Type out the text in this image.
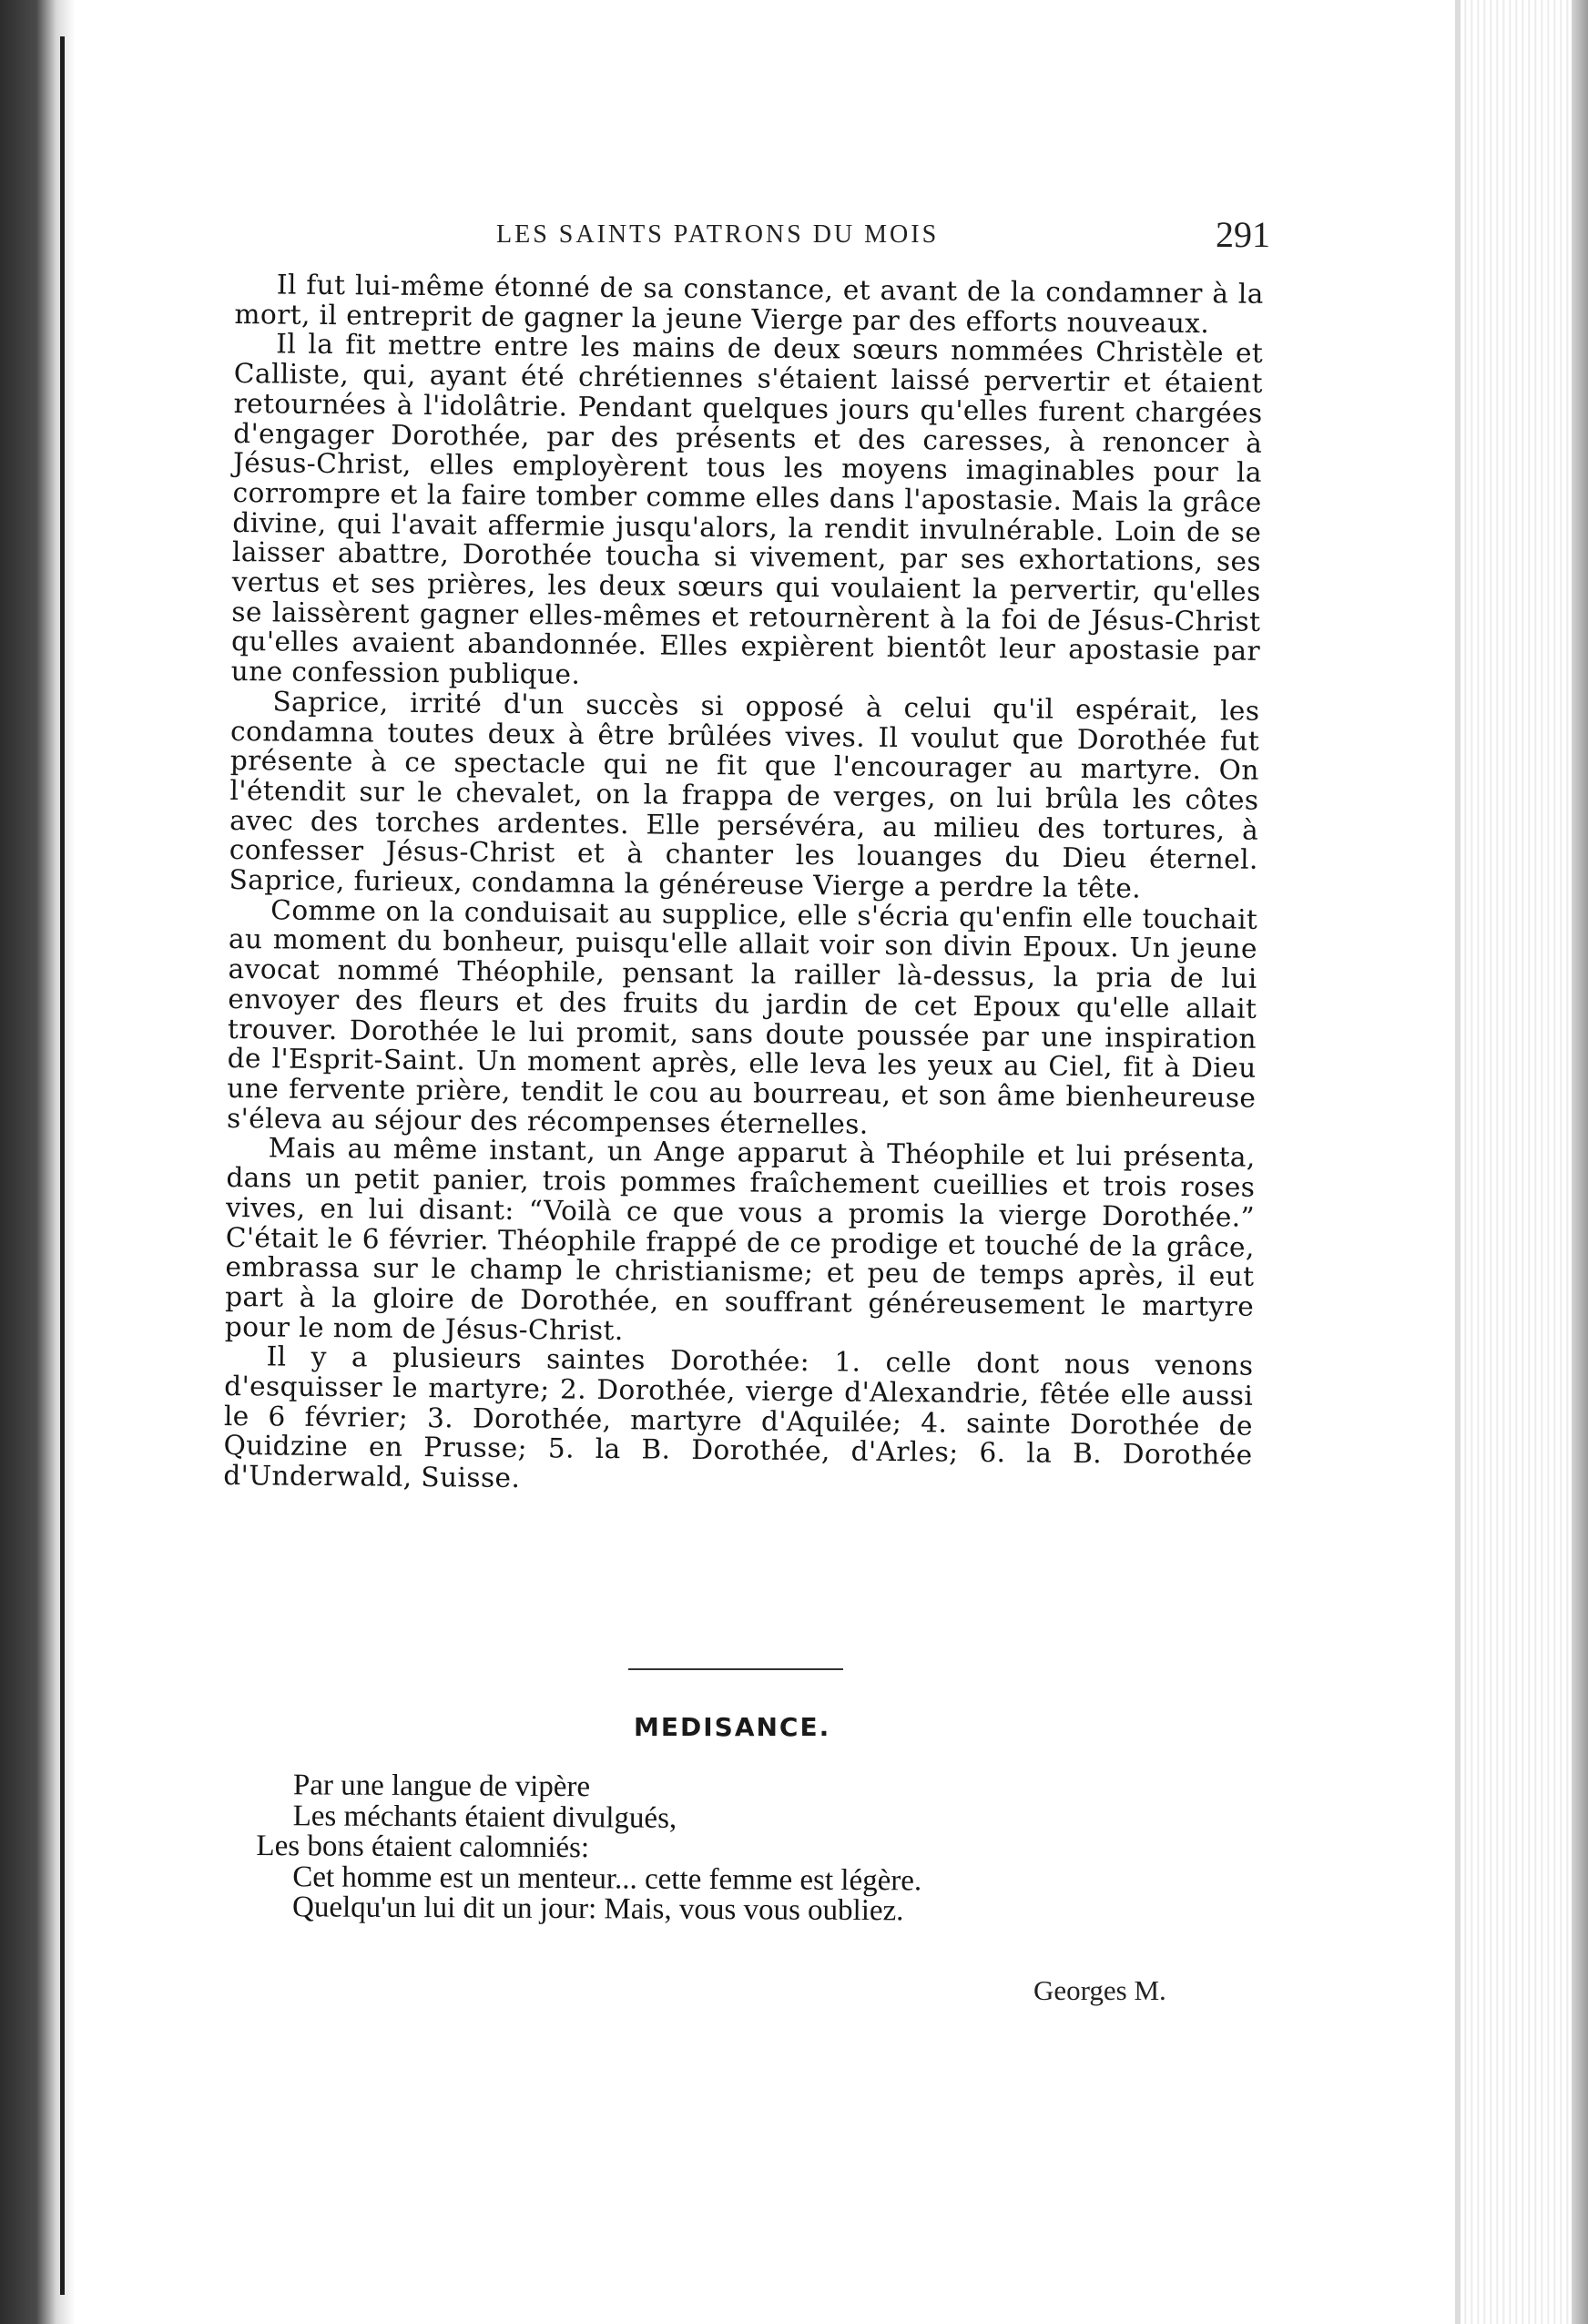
LES SAINTS PATRONS DU MOIS	291

Il fut lui-même étonné de sa constance, et avant de la condamner à la mort, il entreprit de gagner la jeune Vierge par des efforts nouveaux.

Il la fit mettre entre les mains de deux sœurs nommées Christèle et Calliste, qui, ayant été chrétiennes s'étaient laissé pervertir et étaient retournées à l'idolâtrie. Pendant quelques jours qu'elles furent chargées d'engager Dorothée, par des présents et des caresses, à renoncer à Jésus-Christ, elles employèrent tous les moyens imaginables pour la corrompre et la faire tomber comme elles dans l'apostasie. Mais la grâce divine, qui l'avait affermie jusqu'alors, la rendit invulnérable. Loin de se laisser abattre, Dorothée toucha si vivement, par ses exhortations, ses vertus et ses prières, les deux sœurs qui voulaient la pervertir, qu'elles se laissèrent gagner elles-mêmes et retournèrent à la foi de Jésus-Christ qu'elles avaient abandonnée. Elles expièrent bientôt leur apostasie par une confession publique.

Saprice, irrité d'un succès si opposé à celui qu'il espérait, les condamna toutes deux à être brûlées vives. Il voulut que Dorothée fut présente à ce spectacle qui ne fit que l'encourager au martyre. On l'étendit sur le chevalet, on la frappa de verges, on lui brûla les côtes avec des torches ardentes. Elle persévéra, au milieu des tortures, à confesser Jésus-Christ et à chanter les louanges du Dieu éternel. Saprice, furieux, condamna la généreuse Vierge a perdre la tête.

Comme on la conduisait au supplice, elle s'écria qu'enfin elle touchait au moment du bonheur, puisqu'elle allait voir son divin Epoux. Un jeune avocat nommé Théophile, pensant la railler là-dessus, la pria de lui envoyer des fleurs et des fruits du jardin de cet Epoux qu'elle allait trouver. Dorothée le lui promit, sans doute poussée par une inspiration de l'Esprit-Saint. Un moment après, elle leva les yeux au Ciel, fit à Dieu une fervente prière, tendit le cou au bourreau, et son âme bienheureuse s'éleva au séjour des récompenses éternelles.

Mais au même instant, un Ange apparut à Théophile et lui présenta, dans un petit panier, trois pommes fraîchement cueillies et trois roses vives, en lui disant: “Voilà ce que vous a promis la vierge Dorothée.” C'était le 6 février. Théophile frappé de ce prodige et touché de la grâce, embrassa sur le champ le christianisme; et peu de temps après, il eut part à la gloire de Dorothée, en souffrant généreusement le martyre pour le nom de Jésus-Christ.

Il y a plusieurs saintes Dorothée: 1. celle dont nous venons d'esquisser le martyre; 2. Dorothée, vierge d'Alexandrie, fêtée elle aussi le 6 février; 3. Dorothée, martyre d'Aquilée; 4. sainte Dorothée de Quidzine en Prusse; 5. la B. Dorothée, d'Arles; 6. la B. Dorothée d'Underwald, Suisse.

MEDISANCE.
Par une langue de vipère
Les méchants étaient divulgués,
Les bons étaient calomniés:
Cet homme est un menteur... cette femme est légère.
Quelqu'un lui dit un jour: Mais, vous vous oubliez.
Georges M.
